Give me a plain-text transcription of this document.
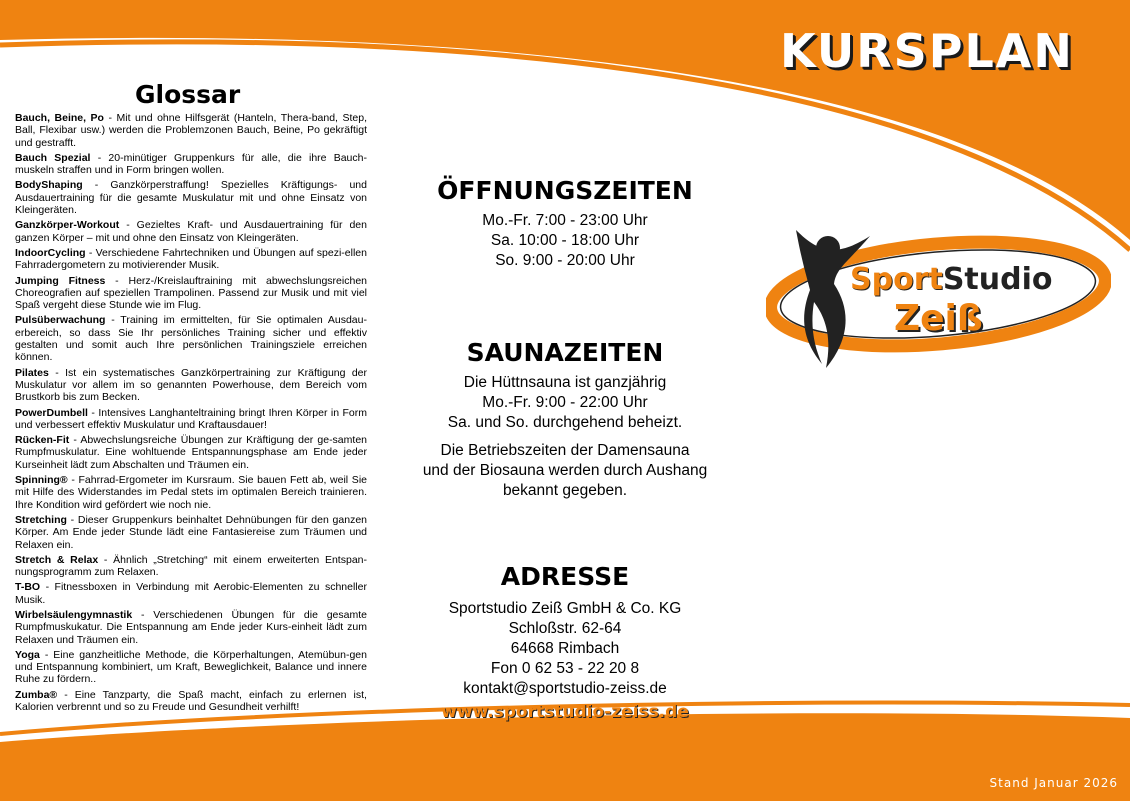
KURSPLAN
Glossar

Bauch, Beine, Po - Mit und ohne Hilfsgerät (Hanteln, Thera-band, Step, Ball, Flexibar usw.) werden die Problemzonen Bauch, Beine, Po gekräftigt und gestrafft.

Bauch Spezial - 20-minütiger Gruppenkurs für alle, die ihre Bauch-muskeln straffen und in Form bringen wollen.

BodyShaping - Ganzkörperstraffung! Spezielles Kräftigungs- und Ausdauertraining für die gesamte Muskulatur mit und ohne Einsatz von Kleingeräten.

Ganzkörper-Workout - Gezieltes Kraft- und Ausdauertraining für den ganzen Körper – mit und ohne den Einsatz von Kleingeräten.

IndoorCycling - Verschiedene Fahrtechniken und Übungen auf spezi-ellen Fahrradergometern zu motivierender Musik.

Jumping Fitness - Herz-/Kreislauftraining mit abwechslungsreichen Choreografien auf speziellen Trampolinen. Passend zur Musik und mit viel Spaß vergeht diese Stunde wie im Flug.

Pulsüberwachung - Training im ermittelten, für Sie optimalen Ausdau-erbereich, so dass Sie Ihr persönliches Training sicher und effektiv gestalten und somit auch Ihre persönlichen Trainingsziele erreichen können.

Pilates - Ist ein systematisches Ganzkörpertraining zur Kräftigung der Muskulatur vor allem im so genannten Powerhouse, dem Bereich vom Brustkorb bis zum Becken.

PowerDumbell - Intensives Langhanteltraining bringt Ihren Körper in Form und verbessert effektiv Muskulatur und Kraftausdauer!

Rücken-Fit - Abwechslungsreiche Übungen zur Kräftigung der ge-samten Rumpfmuskulatur. Eine wohltuende Entspannungsphase am Ende jeder Kurseinheit lädt zum Abschalten und Träumen ein.

Spinning® - Fahrrad-Ergometer im Kursraum. Sie bauen Fett ab, weil Sie mit Hilfe des Widerstandes im Pedal stets im optimalen Bereich trainieren. Ihre Kondition wird gefördert wie noch nie.

Stretching - Dieser Gruppenkurs beinhaltet Dehnübungen für den ganzen Körper. Am Ende jeder Stunde lädt eine Fantasiereise zum Träumen und Relaxen ein.

Stretch & Relax - Ähnlich „Stretching“ mit einem erweiterten Entspan-nungsprogramm zum Relaxen.

T-BO - Fitnessboxen in Verbindung mit Aerobic-Elementen zu schneller Musik.

Wirbelsäulengymnastik - Verschiedenen Übungen für die gesamte Rumpfmuskukatur. Die Entspannung am Ende jeder Kurs-einheit lädt zum Relaxen und Träumen ein.

Yoga - Eine ganzheitliche Methode, die Körperhaltungen, Atemübun-gen und Entspannung kombiniert, um Kraft, Beweglichkeit, Balance und innere Ruhe zu fördern..

Zumba® - Eine Tanzparty, die Spaß macht, einfach zu erlernen ist, Kalorien verbrennt und so zu Freude und Gesundheit verhilft!

ÖFFNUNGSZEITEN

Mo.-Fr. 7:00 - 23:00 Uhr

Sa. 10:00 - 18:00 Uhr

So. 9:00 - 20:00 Uhr

SAUNAZEITEN

Die Hüttnsauna ist ganzjährig

Mo.-Fr. 9:00 - 22:00 Uhr

Sa. und So. durchgehend beheizt.

Die Betriebszeiten der Damensauna

und der Biosauna werden durch Aushang

bekannt gegeben.

ADRESSE

Sportstudio Zeiß GmbH & Co. KG

Schloßstr. 62-64

64668 Rimbach

Fon 0 62 53 - 22 20 8

kontakt@sportstudio-zeiss.de

www.sportstudio-zeiss.de
SportStudio
Zeiß
Stand Januar 2026
